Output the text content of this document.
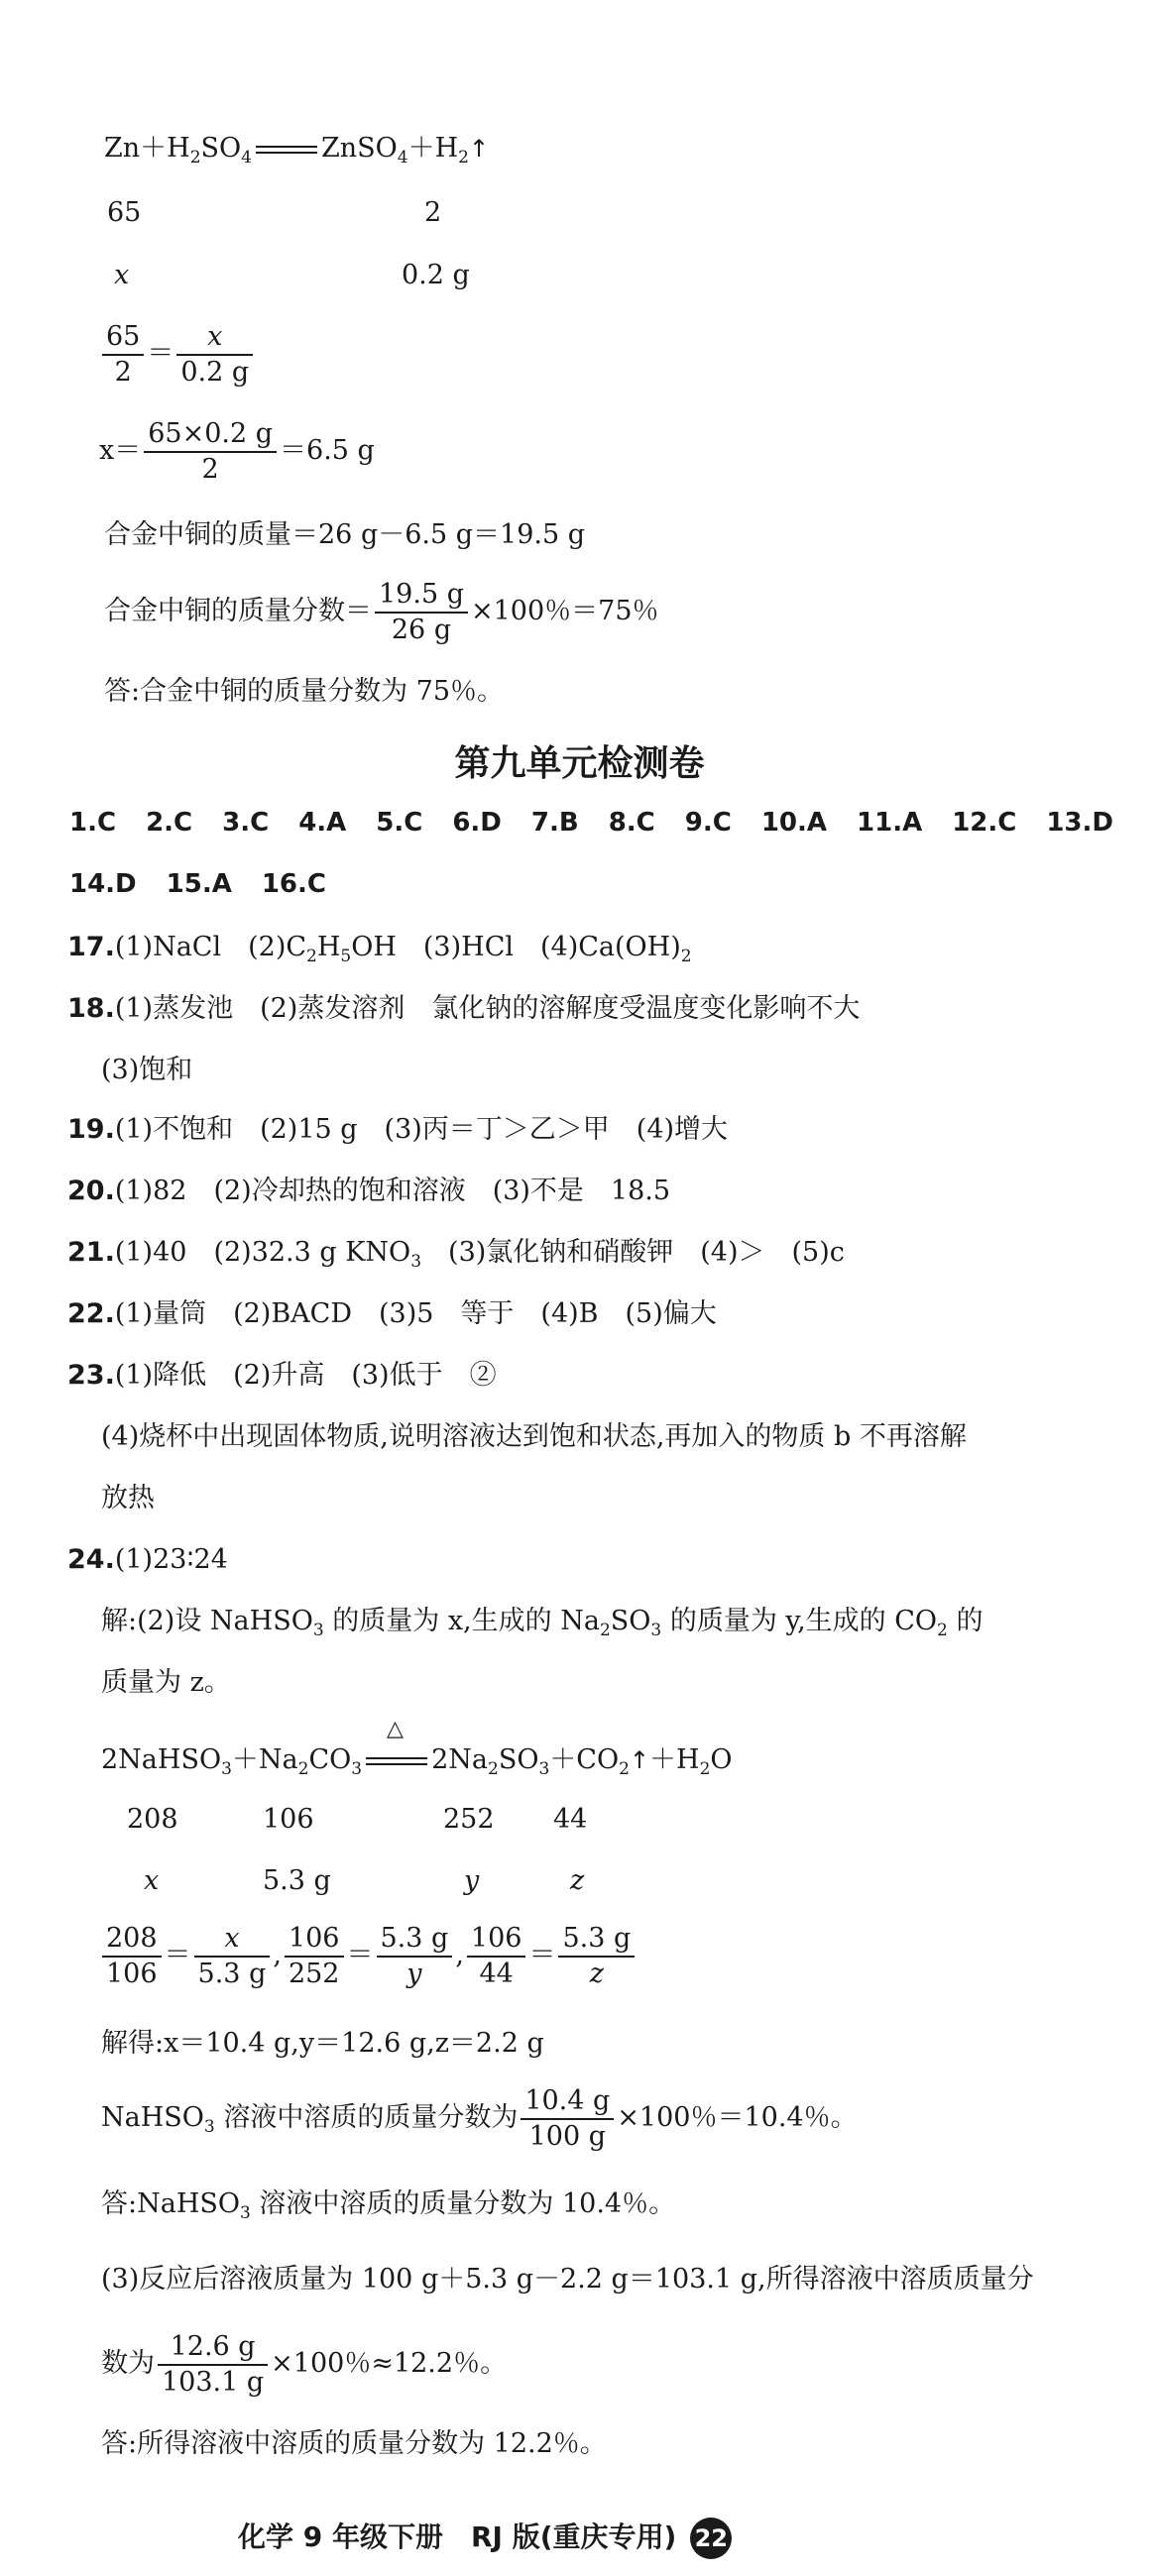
$Zn+H_2SO_4$	$ZnSO_4+H_2↑$
65	2
x	0.2 g
$\frac{65}{2} = \frac{x}{0.2 g}$
$x= \frac{65\times 0.2 g}{2} =6.5$ g
合金中铜的质量＝26 g－6.5 g＝19.5 g
合金中铜的质量分数＝ $\frac{19.5 g}{26 g} \times 100$％＝75％
答:合金中铜的质量分数为 75％。
第九单元检测卷
1.C 2.C 3.C 4.A 5.C 6.D 7.B 8.C 9.C 10.A 11.A 12.C 13.D
14.D 15.A 16.C
17.(1)NaCl　$(2)C_2H_5OH$　(3)HCl　$(4)Ca(OH)_2$
18.(1)蒸发池　(2)蒸发溶剂　氯化钠的溶解度受温度变化影响不大
(3)饱和
19.(1)不饱和　(2)15 g　(3)丙＝丁＞乙＞甲　(4)增大
20.(1)82　(2)冷却热的饱和溶液　(3)不是　18.5
21.(1)40　(2)32.3 g $KNO_3$　 (3)氯化钠和硝酸钾　(4)＞　(5)c
22.(1)量筒　(2)BACD　(3)5　等于　(4)B　(5)偏大
23.(1)降低　(2)升高　(3)低于　②
(4)烧杯中出现固体物质,说明溶液达到饱和状态,再加入的物质 b 不再溶解
放热
24.(1)23∶24
解:(2)设 NaHSO$_3$ 的质量为 x,生成的 $Na_2SO_3$ 的质量为 y,生成的 $CO_2$ 的
质量为 z。
△
$2NaHSO_3+Na_2CO_3$	$2Na_2SO_3+CO_2↑+H_2O$
208	106	252 44
x	5.3 g	y	z
$\frac{208}{106} = \frac{x}{5.3 g}$ , $\frac{106}{252} = \frac{5.3 g}{y}$ , $\frac{106}{44} = \frac{5.3 g}{z}$
解得:x＝10.4 g,y＝12.6 g,z＝2.2 g
NaHSO$_3$ 溶液中溶质的质量分数为 $\frac{10.4 g}{100 g} \times 100$％＝10.4％。
答:NaHSO$_3$ 溶液中溶质的质量分数为 10.4％。
(3)反应后溶液质量为 100 g＋5.3 g－2.2 g＝103.1 g,所得溶液中溶质质量分
数为 $\frac{12.6 g}{103.1 g} \times 100$％≈12.2％。
答:所得溶液中溶质的质量分数为 12.2％。
化学 9 年级下册　RJ 版(重庆专用) 22
